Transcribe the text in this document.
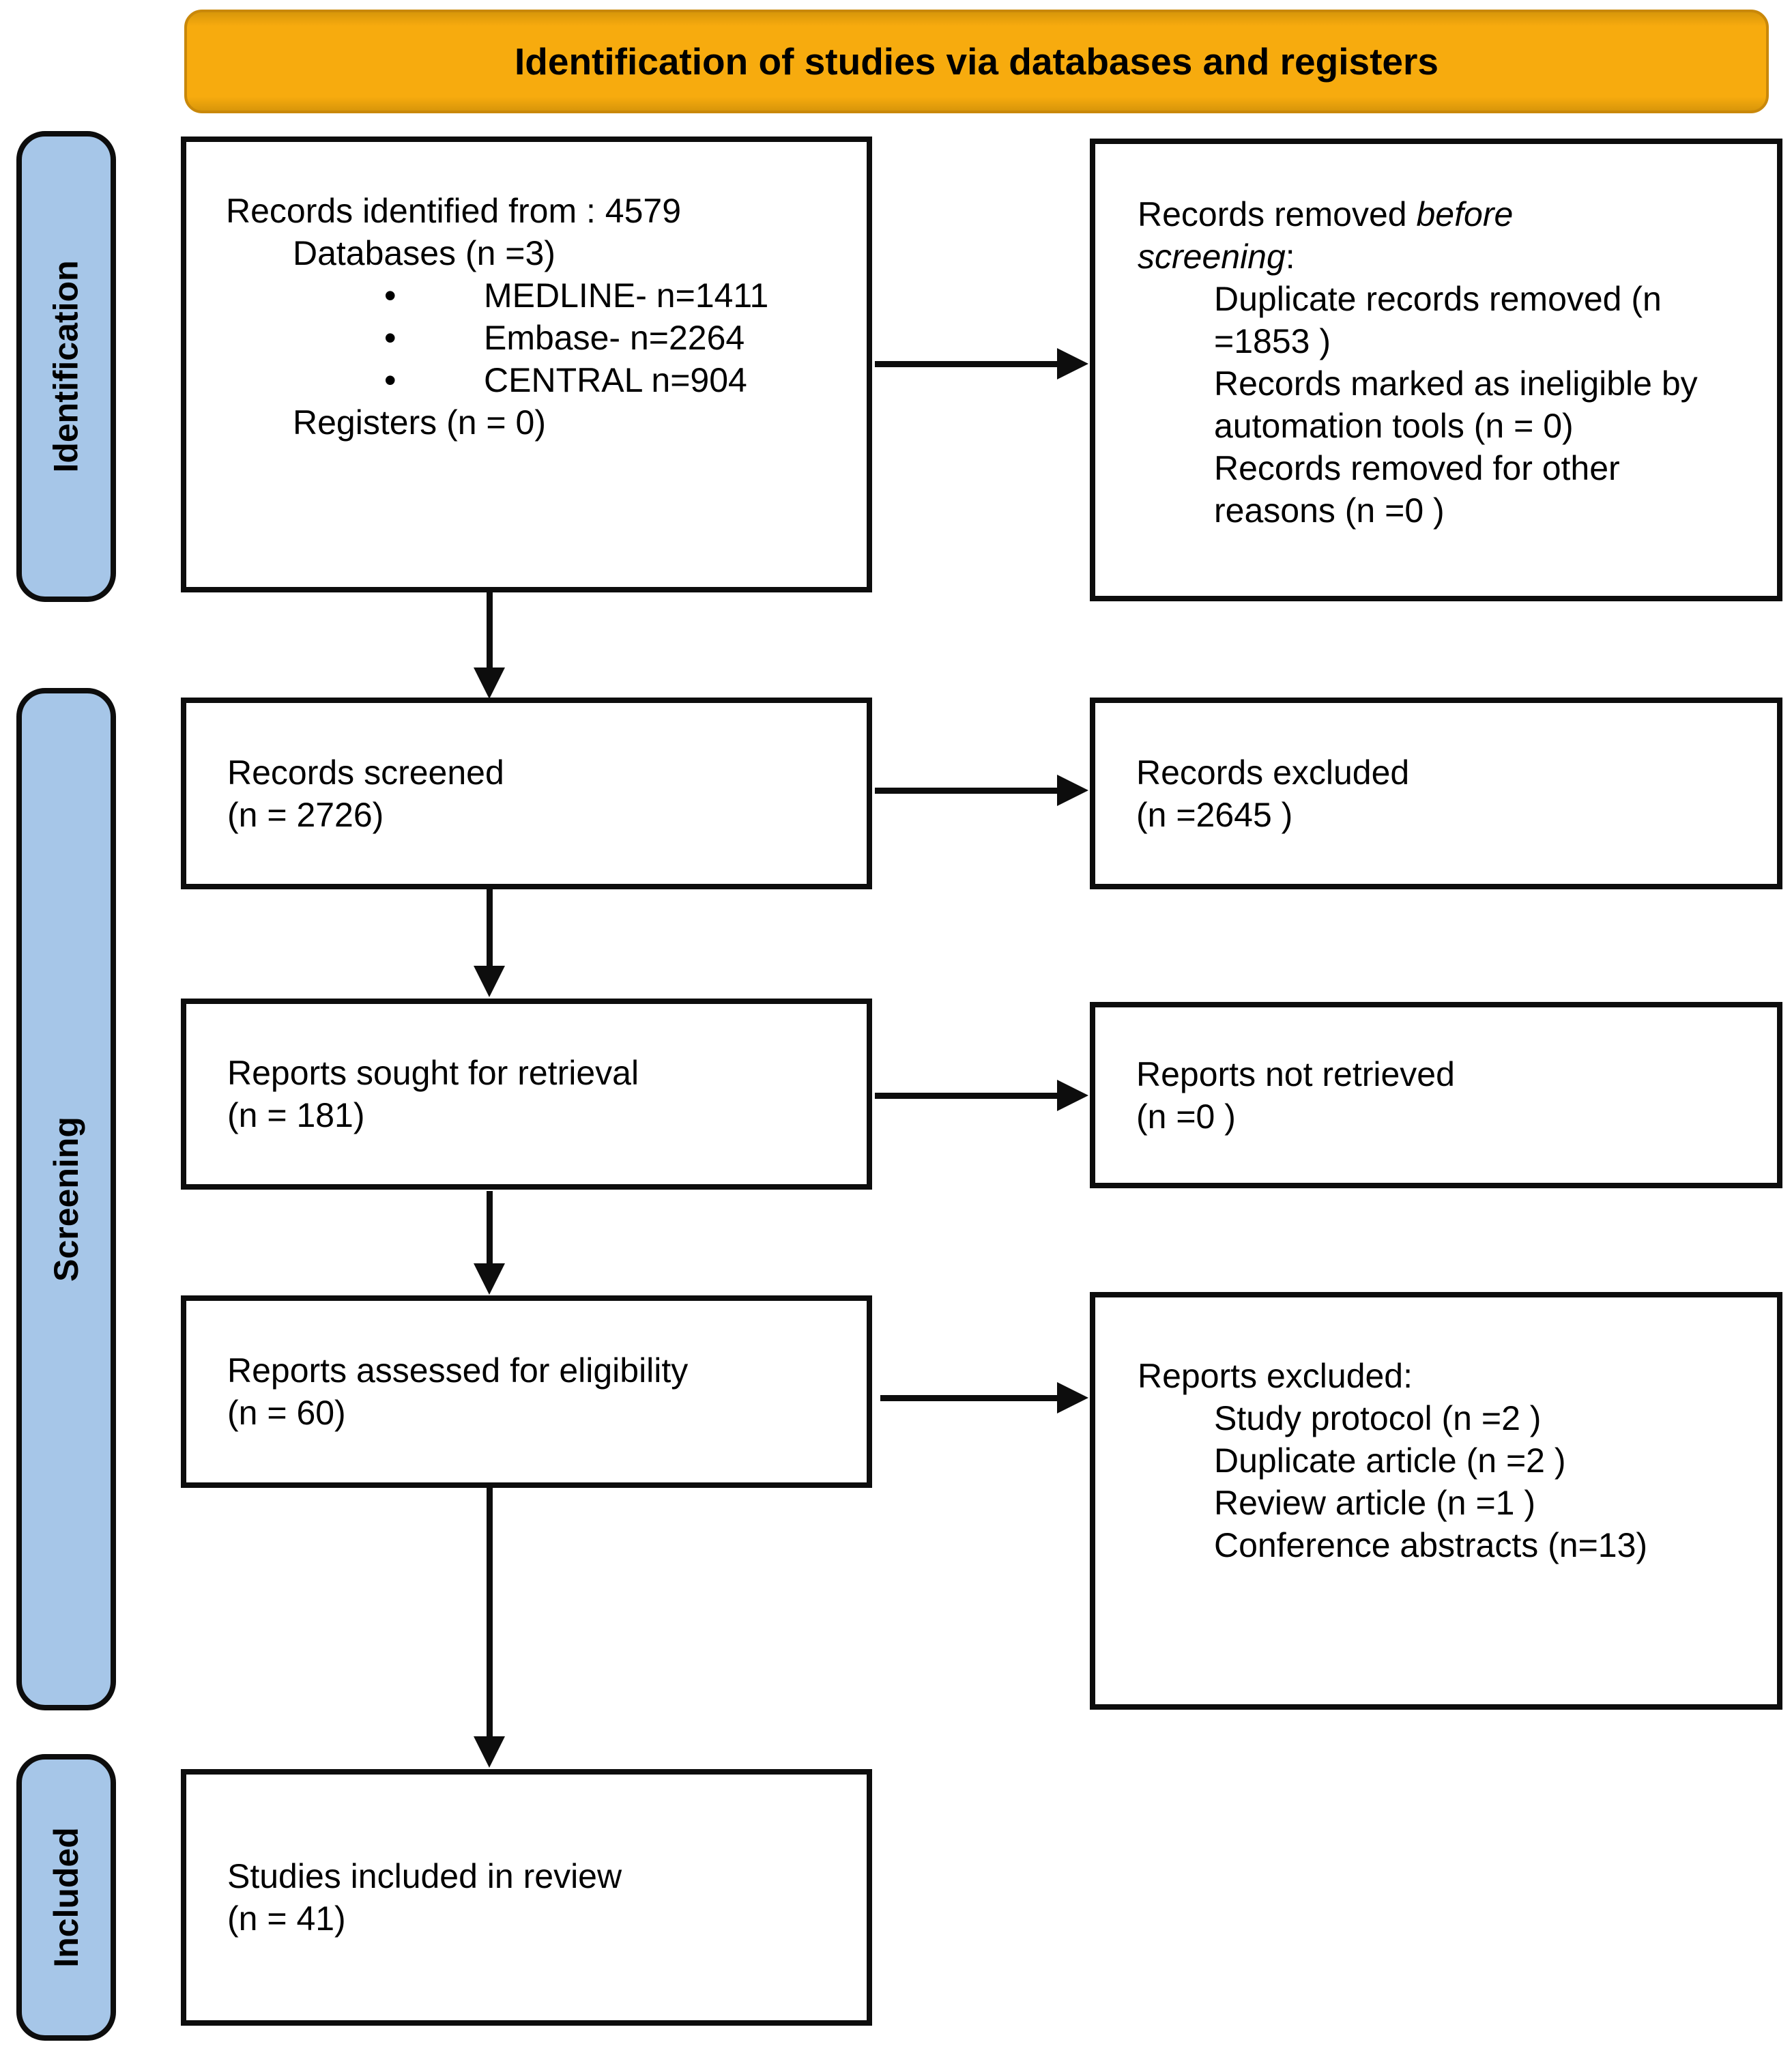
Identification of studies via databases and registers
Identification
Screening
Included
Records identified from : 4579
Databases (n =3)
•	MEDLINE- n=1411
•	Embase- n=2264
•	CENTRAL n=904
Registers (n = 0)
Records removed before
screening:
Duplicate records removed (n =1853 )
Records marked as ineligible by automation tools (n = 0)
Records removed for other reasons (n =0 )
Records screened
(n = 2726)
Records excluded
(n =2645 )
Reports sought for retrieval
(n = 181)
Reports not retrieved
(n =0 )
Reports assessed for eligibility
(n = 60)
Reports excluded:
Study protocol (n =2 )
Duplicate article (n =2 )
Review article (n =1 )
Conference abstracts (n=13)
Studies included in review
(n = 41)
